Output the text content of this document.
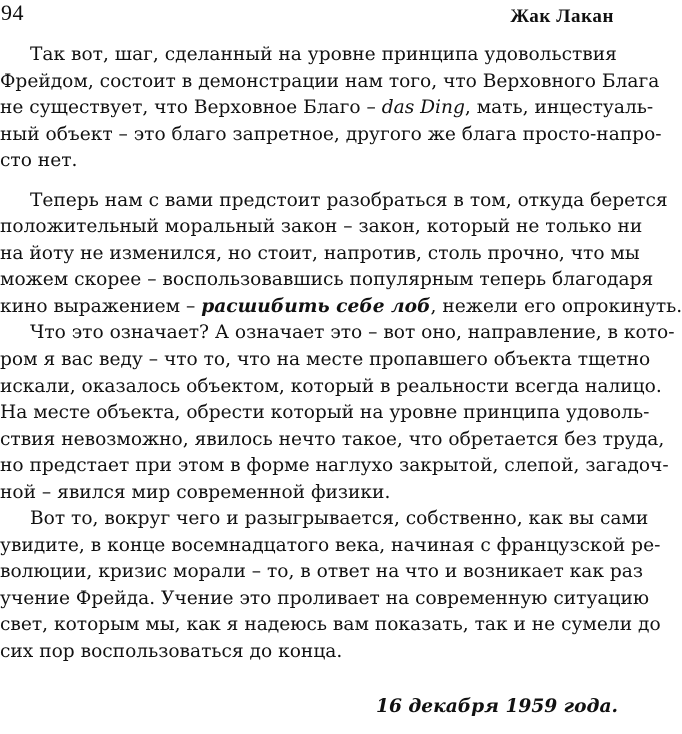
94	Жак Лакан

Так вот, шаг, сделанный на уровне принципа удовольствия
Фрейдом, состоит в демонстрации нам того, что Верховного Блага
не существует, что Верховное Благо – das Ding, мать, инцестуаль-
ный объект – это благо запретное, другого же блага просто-напро-
сто нет.

Теперь нам с вами предстоит разобраться в том, откуда берется
положительный моральный закон – закон, который не только ни
на йоту не изменился, но стоит, напротив, столь прочно, что мы
можем скорее – воспользовавшись популярным теперь благодаря
кино выражением – расшибить себе лоб, нежели его опрокинуть.

Что это означает? А означает это – вот оно, направление, в кото-
ром я вас веду – что то, что на месте пропавшего объекта тщетно
искали, оказалось объектом, который в реальности всегда налицо.
На месте объекта, обрести который на уровне принципа удоволь-
ствия невозможно, явилось нечто такое, что обретается без труда,
но предстает при этом в форме наглухо закрытой, слепой, загадоч-
ной – явился мир современной физики.

Вот то, вокруг чего и разыгрывается, собственно, как вы сами
увидите, в конце восемнадцатого века, начиная с французской ре-
волюции, кризис морали – то, в ответ на что и возникает как раз
учение Фрейда. Учение это проливает на современную ситуацию
свет, которым мы, как я надеюсь вам показать, так и не сумели до
сих пор воспользоваться до конца.

16 декабря 1959 года.
